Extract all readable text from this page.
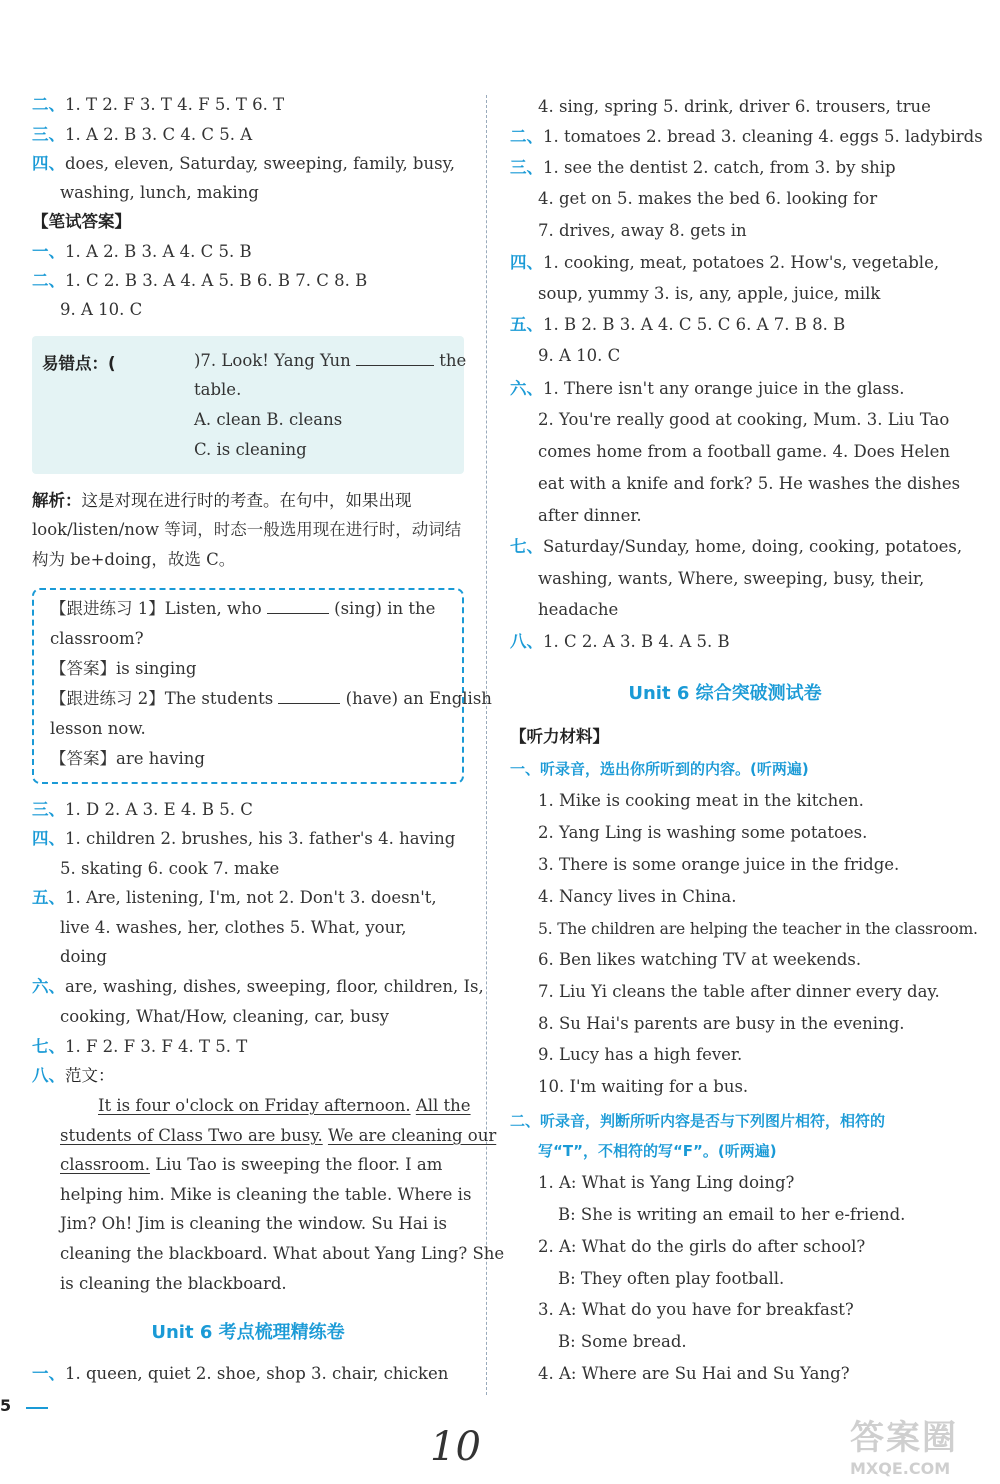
二、1. T 2. F 3. T 4. F 5. T 6. T
三、1. A 2. B 3. C 4. C 5. A
四、does, eleven, Saturday, sweeping, family, busy,
washing, lunch, making
【笔试答案】
一、1. A 2. B 3. A 4. C 5. B
二、1. C 2. B 3. A 4. A 5. B 6. B 7. C 8. B
9. A 10. C
易错点：(	)7. Look! Yang Yun	the
table.
A. clean B. cleans
C. is cleaning
解析：这是对现在进行时的考查。在句中，如果出现
look/listen/now 等词，时态一般选用现在进行时，动词结
构为 be+doing，故选 C。
【跟进练习 1】Listen, who	(sing) in the
classroom?
【答案】is singing
【跟进练习 2】The students	(have) an English
lesson now.
【答案】are having
三、1. D 2. A 3. E 4. B 5. C
四、1. children 2. brushes, his 3. father's 4. having
5. skating 6. cook 7. make
五、1. Are, listening, I'm, not 2. Don't 3. doesn't,
live 4. washes, her, clothes 5. What, your,
doing
六、are, washing, dishes, sweeping, floor, children, Is,
cooking, What/How, cleaning, car, busy
七、1. F 2. F 3. F 4. T 5. T
八、范文：
It is four o'clock on Friday afternoon. All the
students of Class Two are busy. We are cleaning our
classroom. Liu Tao is sweeping the floor. I am
helping him. Mike is cleaning the table. Where is
Jim? Oh! Jim is cleaning the window. Su Hai is
cleaning the blackboard. What about Yang Ling? She
is cleaning the blackboard.
Unit 6 考点梳理精练卷
一、1. queen, quiet 2. shoe, shop 3. chair, chicken
5
10
4. sing, spring 5. drink, driver 6. trousers, true
二、1. tomatoes 2. bread 3. cleaning 4. eggs 5. ladybirds
三、1. see the dentist 2. catch, from 3. by ship
4. get on 5. makes the bed 6. looking for
7. drives, away 8. gets in
四、1. cooking, meat, potatoes 2. How's, vegetable,
soup, yummy 3. is, any, apple, juice, milk
五、1. B 2. B 3. A 4. C 5. C 6. A 7. B 8. B
9. A 10. C
六、1. There isn't any orange juice in the glass.
2. You're really good at cooking, Mum. 3. Liu Tao
comes home from a football game. 4. Does Helen
eat with a knife and fork? 5. He washes the dishes
after dinner.
七、Saturday/Sunday, home, doing, cooking, potatoes,
washing, wants, Where, sweeping, busy, their,
headache
八、1. C 2. A 3. B 4. A 5. B
Unit 6 综合突破测试卷
【听力材料】
一、听录音，选出你所听到的内容。(听两遍)
1. Mike is cooking meat in the kitchen.
2. Yang Ling is washing some potatoes.
3. There is some orange juice in the fridge.
4. Nancy lives in China.
5. The children are helping the teacher in the classroom.
6. Ben likes watching TV at weekends.
7. Liu Yi cleans the table after dinner every day.
8. Su Hai's parents are busy in the evening.
9. Lucy has a high fever.
10. I'm waiting for a bus.
二、听录音，判断所听内容是否与下列图片相符，相符的
写“T”，不相符的写“F”。(听两遍)
1. A: What is Yang Ling doing?
B: She is writing an email to her e-friend.
2. A: What do the girls do after school?
B: They often play football.
3. A: What do you have for breakfast?
B: Some bread.
4. A: Where are Su Hai and Su Yang?
答案圈
MXQE.COM
